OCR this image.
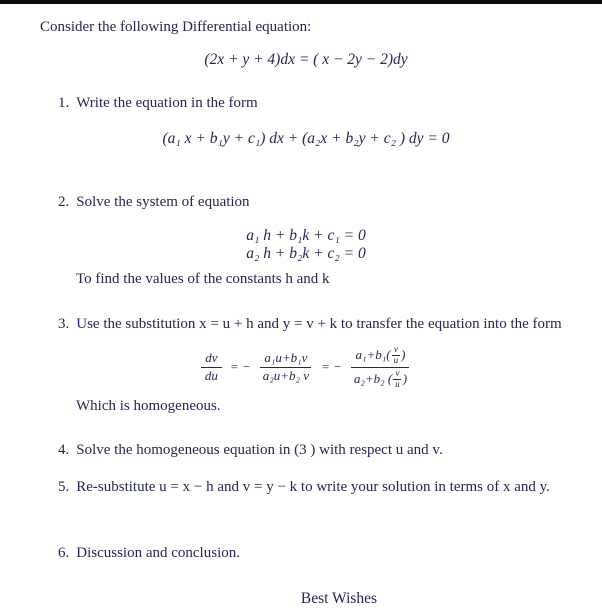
Consider the following Differential equation:
(2x + y + 4)dx = ( x − 2y − 2)dy
1. Write the equation in the form
(a₁ x + b₁y + c₁) dx + (a₂x + b₂y + c₂ ) dy = 0
2. Solve the system of equation
a₁ h + b₁k + c₁ = 0
a₂ h + b₂k + c₂ = 0
To find the values of the constants h and k
3. Use the substitution x = u + h and y = v + k to transfer the equation into the form
$\frac{dv}{du}$ = − $\frac{\text{a₁u+b₁v}}{\text{a₂u+b₂ v}}$ = − a₁+b₁( v
u )
a₂+b₂ ( v
u )
Which is homogeneous.
4. Solve the homogeneous equation in (3 ) with respect u and v.
5. Re-substitute u = x − h and v = y − k to write your solution in terms of x and y.
6. Discussion and conclusion.
Best Wishes
